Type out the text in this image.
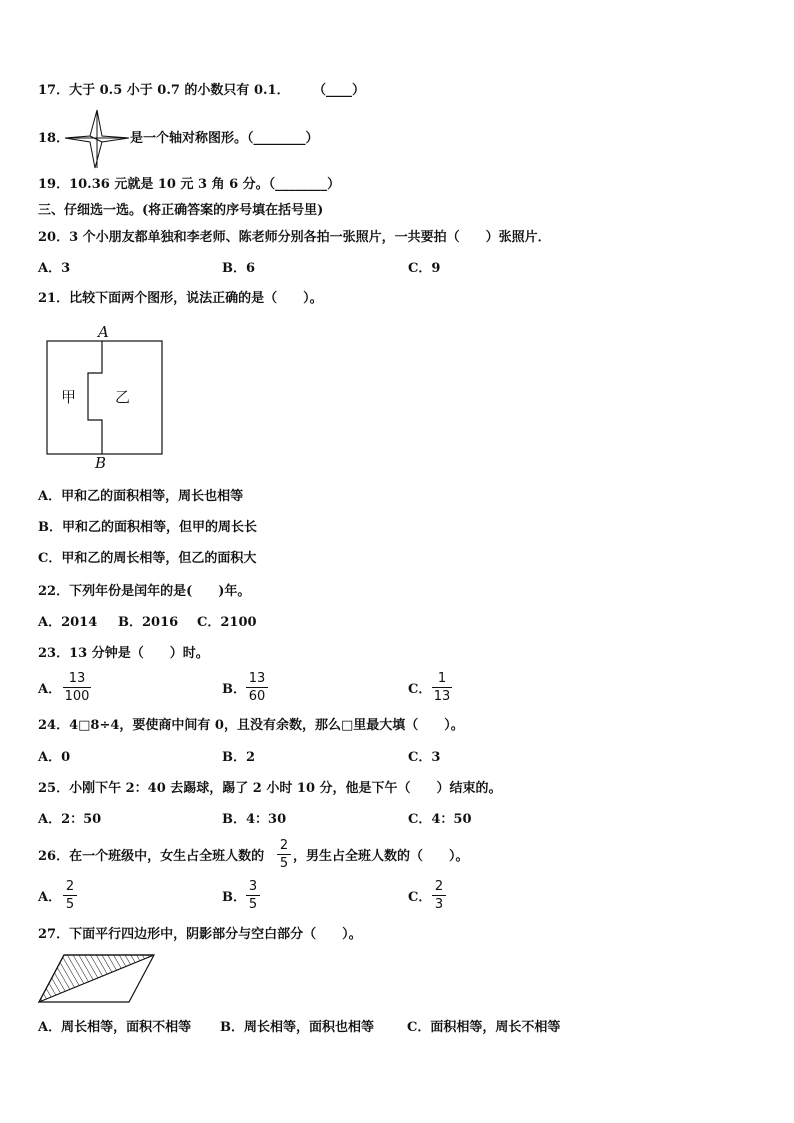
17．大于 0.5 小于 0.7 的小数只有 0.1． （____）
18．	是一个轴对称图形。（________）
19．10.36 元就是 10 元 3 角 6 分。（________）
三、仔细选一选。(将正确答案的序号填在括号里)
20．3 个小朋友都单独和李老师、陈老师分别各拍一张照片，一共要拍（　　）张照片．
A．3	B．6	C．9
21．比较下面两个图形，说法正确的是（　　）。
A
B
甲	乙
A．甲和乙的面积相等，周长也相等
B．甲和乙的面积相等，但甲的周长长
C．甲和乙的周长相等，但乙的面积大
22．下列年份是闰年的是(　　)年。
A．2014 B．2016 C．2100
23．13 分钟是（　　）时。
A．
13
100	B．
13
60	C．
1
13
24．4□8÷4，要使商中间有 0，且没有余数，那么□里最大填（　　）。
A．0	B．2	C．3
25．小刚下午 2：40 去踢球，踢了 2 小时 10 分，他是下午（　　）结束的。
A．2：50	B．4：30	C．4：50
26．在一个班级中，女生占全班人数的
2
5 ，男生占全班人数的（　　）。
A．
2
5	B．
3
5	C．
2
3
27．下面平行四边形中，阴影部分与空白部分（　　）。
A．周长相等，面积不相等 B．周长相等，面积也相等	C．面积相等，周长不相等
